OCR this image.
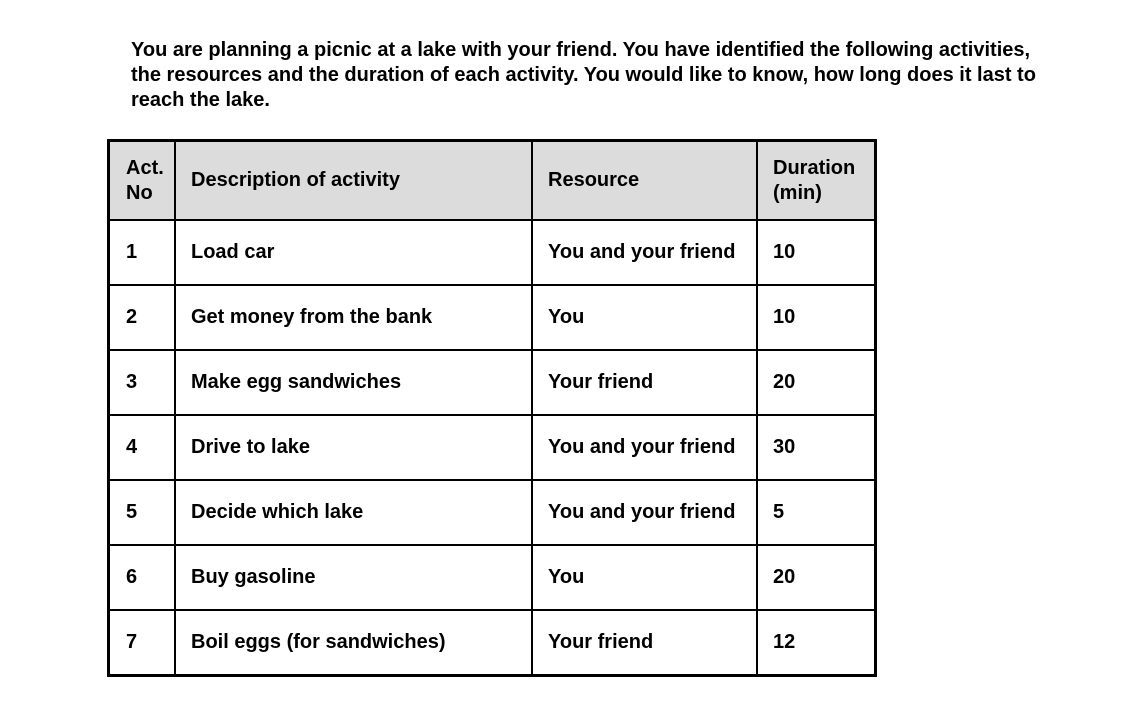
You are planning a picnic at a lake with your friend. You have identified the following activities, the resources and the duration of each activity. You would like to know, how long does it last to reach the lake.

Act. No	Description of activity	Resource	Duration (min)
1	Load car	You and your friend	10
2	Get money from the bank	You	10
3	Make egg sandwiches	Your friend	20
4	Drive to lake	You and your friend	30
5	Decide which lake	You and your friend	5
6	Buy gasoline	You	20
7	Boil eggs (for sandwiches)	Your friend	12
